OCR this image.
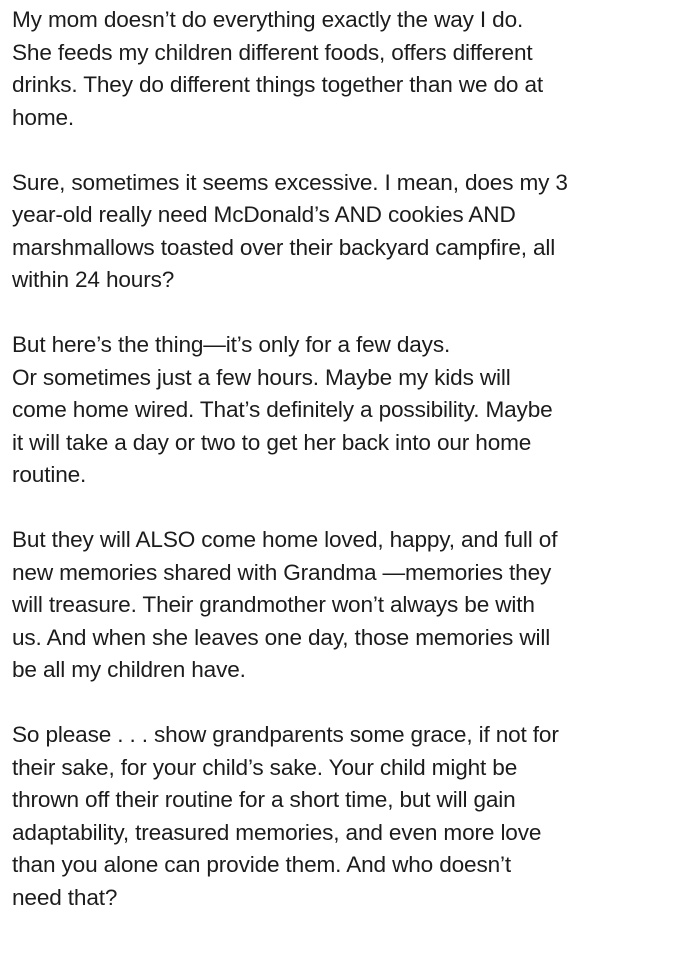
My mom doesn’t do everything exactly the way I do.
She feeds my children different foods, offers different
drinks. They do different things together than we do at
home.

Sure, sometimes it seems excessive. I mean, does my 3
year-old really need McDonald’s AND cookies AND
marshmallows toasted over their backyard campfire, all
within 24 hours?

But here’s the thing—it’s only for a few days.
Or sometimes just a few hours. Maybe my kids will
come home wired. That’s definitely a possibility. Maybe
it will take a day or two to get her back into our home
routine.

But they will ALSO come home loved, happy, and full of
new memories shared with Grandma —memories they
will treasure. Their grandmother won’t always be with
us. And when she leaves one day, those memories will
be all my children have.

So please . . . show grandparents some grace, if not for
their sake, for your child’s sake. Your child might be
thrown off their routine for a short time, but will gain
adaptability, treasured memories, and even more love
than you alone can provide them. And who doesn’t
need that?
